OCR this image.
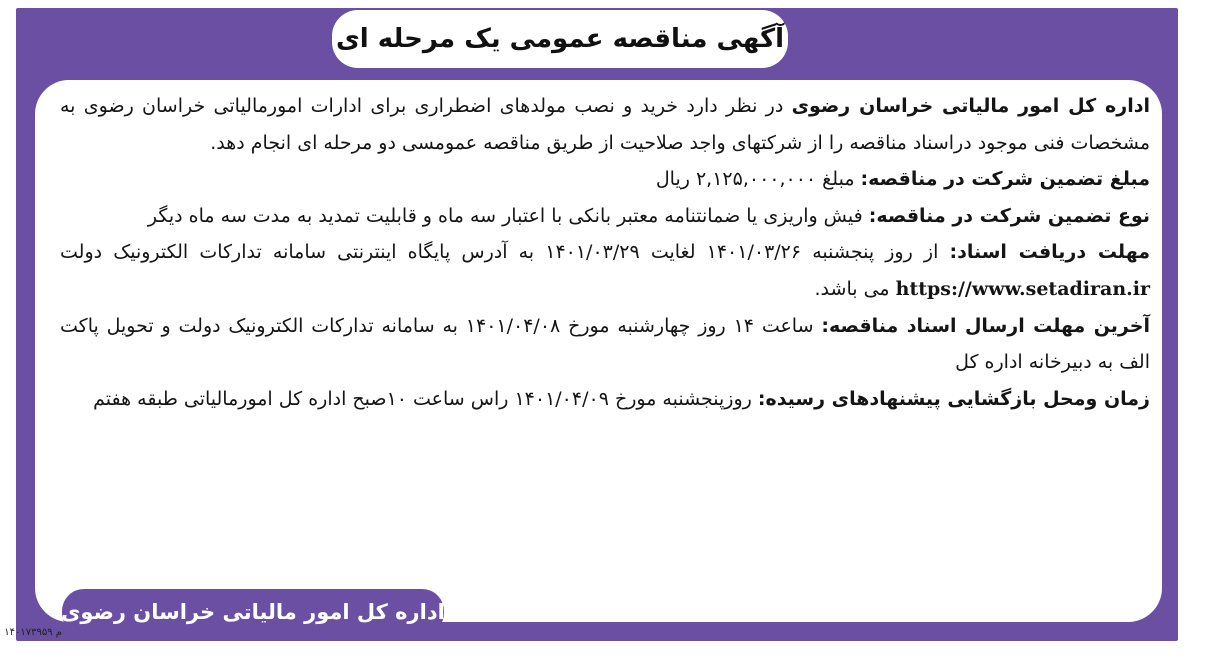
آگهی مناقصه عمومی یک مرحله ای

اداره کل امور مالیاتی خراسان رضوی در نظر دارد خرید و نصب مولدهای اضطراری برای ادارات امورمالیاتی خراسان رضوی به مشخصات فنی موجود دراسناد مناقصه را از شرکتهای واجد صلاحیت از طریق مناقصه عمومسی دو مرحله ای انجام دهد.

مبلغ تضمین شرکت در مناقصه: مبلغ ۲,۱۲۵,۰۰۰,۰۰۰ ریال

نوع تضمین شرکت در مناقصه: فیش واریزی یا ضمانتنامه معتبر بانکی با اعتبار سه ماه و قابلیت تمدید به مدت سه ماه دیگر

مهلت دریافت اسناد: از روز پنجشنبه ۱۴۰۱/۰۳/۲۶ لغایت ۱۴۰۱/۰۳/۲۹ به آدرس پایگاه اینترنتی سامانه تدارکات الکترونیک دولت https://www.setadiran.ir می باشد.

آخرین مهلت ارسال اسناد مناقصه: ساعت ۱۴ روز چهارشنبه مورخ ۱۴۰۱/۰۴/۰۸ به سامانه تدارکات الکترونیک دولت و تحویل پاکت الف به دبیرخانه اداره کل

زمان ومحل بازگشایی پیشنهادهای رسیده: روزپنجشنبه مورخ ۱۴۰۱/۰۴/۰۹ راس ساعت ۱۰صبح اداره کل امورمالیاتی طبقه هفتم

اداره کل امور مالیاتی خراسان رضوی
م ۱۴۰۱۷۳۹۵۹
